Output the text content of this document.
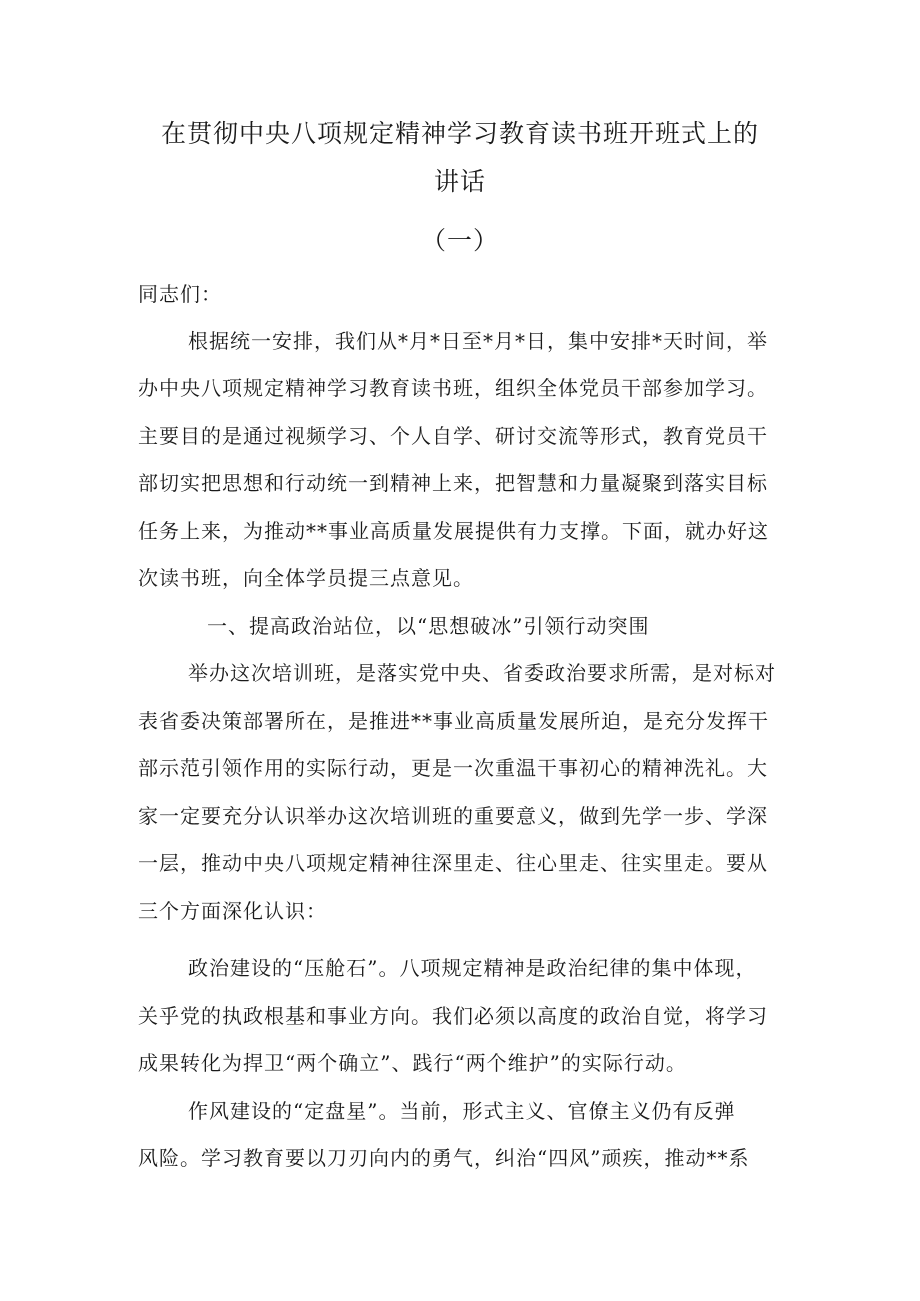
在贯彻中央八项规定精神学习教育读书班开班式上的
讲话
（一）
同志们：
根据统一安排，我们从*月*日至*月*日，集中安排*天时间，举
办中央八项规定精神学习教育读书班，组织全体党员干部参加学习。
主要目的是通过视频学习、个人自学、研讨交流等形式，教育党员干
部切实把思想和行动统一到精神上来，把智慧和力量凝聚到落实目标
任务上来，为推动**事业高质量发展提供有力支撑。下面，就办好这
次读书班，向全体学员提三点意见。
一、提高政治站位，以“思想破冰”引领行动突围
举办这次培训班，是落实党中央、省委政治要求所需，是对标对
表省委决策部署所在，是推进**事业高质量发展所迫，是充分发挥干
部示范引领作用的实际行动，更是一次重温干事初心的精神洗礼。大
家一定要充分认识举办这次培训班的重要意义，做到先学一步、学深
一层，推动中央八项规定精神往深里走、往心里走、往实里走。要从
三个方面深化认识：
政治建设的“压舱石”。八项规定精神是政治纪律的集中体现，
关乎党的执政根基和事业方向。我们必须以高度的政治自觉，将学习
成果转化为捍卫“两个确立”、践行“两个维护”的实际行动。
作风建设的“定盘星”。当前，形式主义、官僚主义仍有反弹
风险。学习教育要以刀刃向内的勇气，纠治“四风”顽疾，推动**系
